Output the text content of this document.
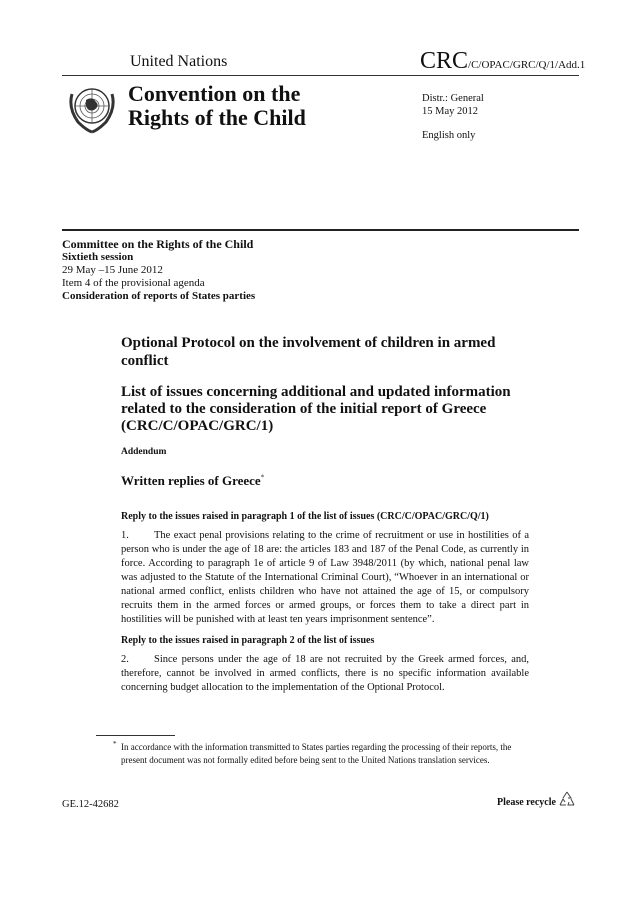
United Nations	CRC/C/OPAC/GRC/Q/1/Add.1
Convention on the
Rights of the Child
Distr.: General
15 May 2012
English only
Committee on the Rights of the Child
Sixtieth session
29 May –15 June 2012
Item 4 of the provisional agenda
Consideration of reports of States parties
Optional Protocol on the involvement of children in armed conflict
List of issues concerning additional and updated information related to the consideration of the initial report of Greece (CRC/C/OPAC/GRC/1)
Addendum
Written replies of Greece*
Reply to the issues raised in paragraph 1 of the list of issues (CRC/C/OPAC/GRC/Q/1)
1. The exact penal provisions relating to the crime of recruitment or use in hostilities of a person who is under the age of 18 are: the articles 183 and 187 of the Penal Code, as currently in force. According to paragraph 1e of article 9 of Law 3948/2011 (by which, national penal law was adjusted to the Statute of the International Criminal Court), “Whoever in an international or national armed conflict, enlists children who have not attained the age of 15, or compulsory recruits them in the armed forces or armed groups, or forces them to take a direct part in hostilities will be punished with at least ten years imprisonment sentence”.
Reply to the issues raised in paragraph 2 of the list of issues
2. Since persons under the age of 18 are not recruited by the Greek armed forces, and, therefore, cannot be involved in armed conflicts, there is no specific information available concerning budget allocation to the implementation of the Optional Protocol.
* In accordance with the information transmitted to States parties regarding the processing of their reports, the present document was not formally edited before being sent to the United Nations translation services.
GE.12-42682	Please recycle
